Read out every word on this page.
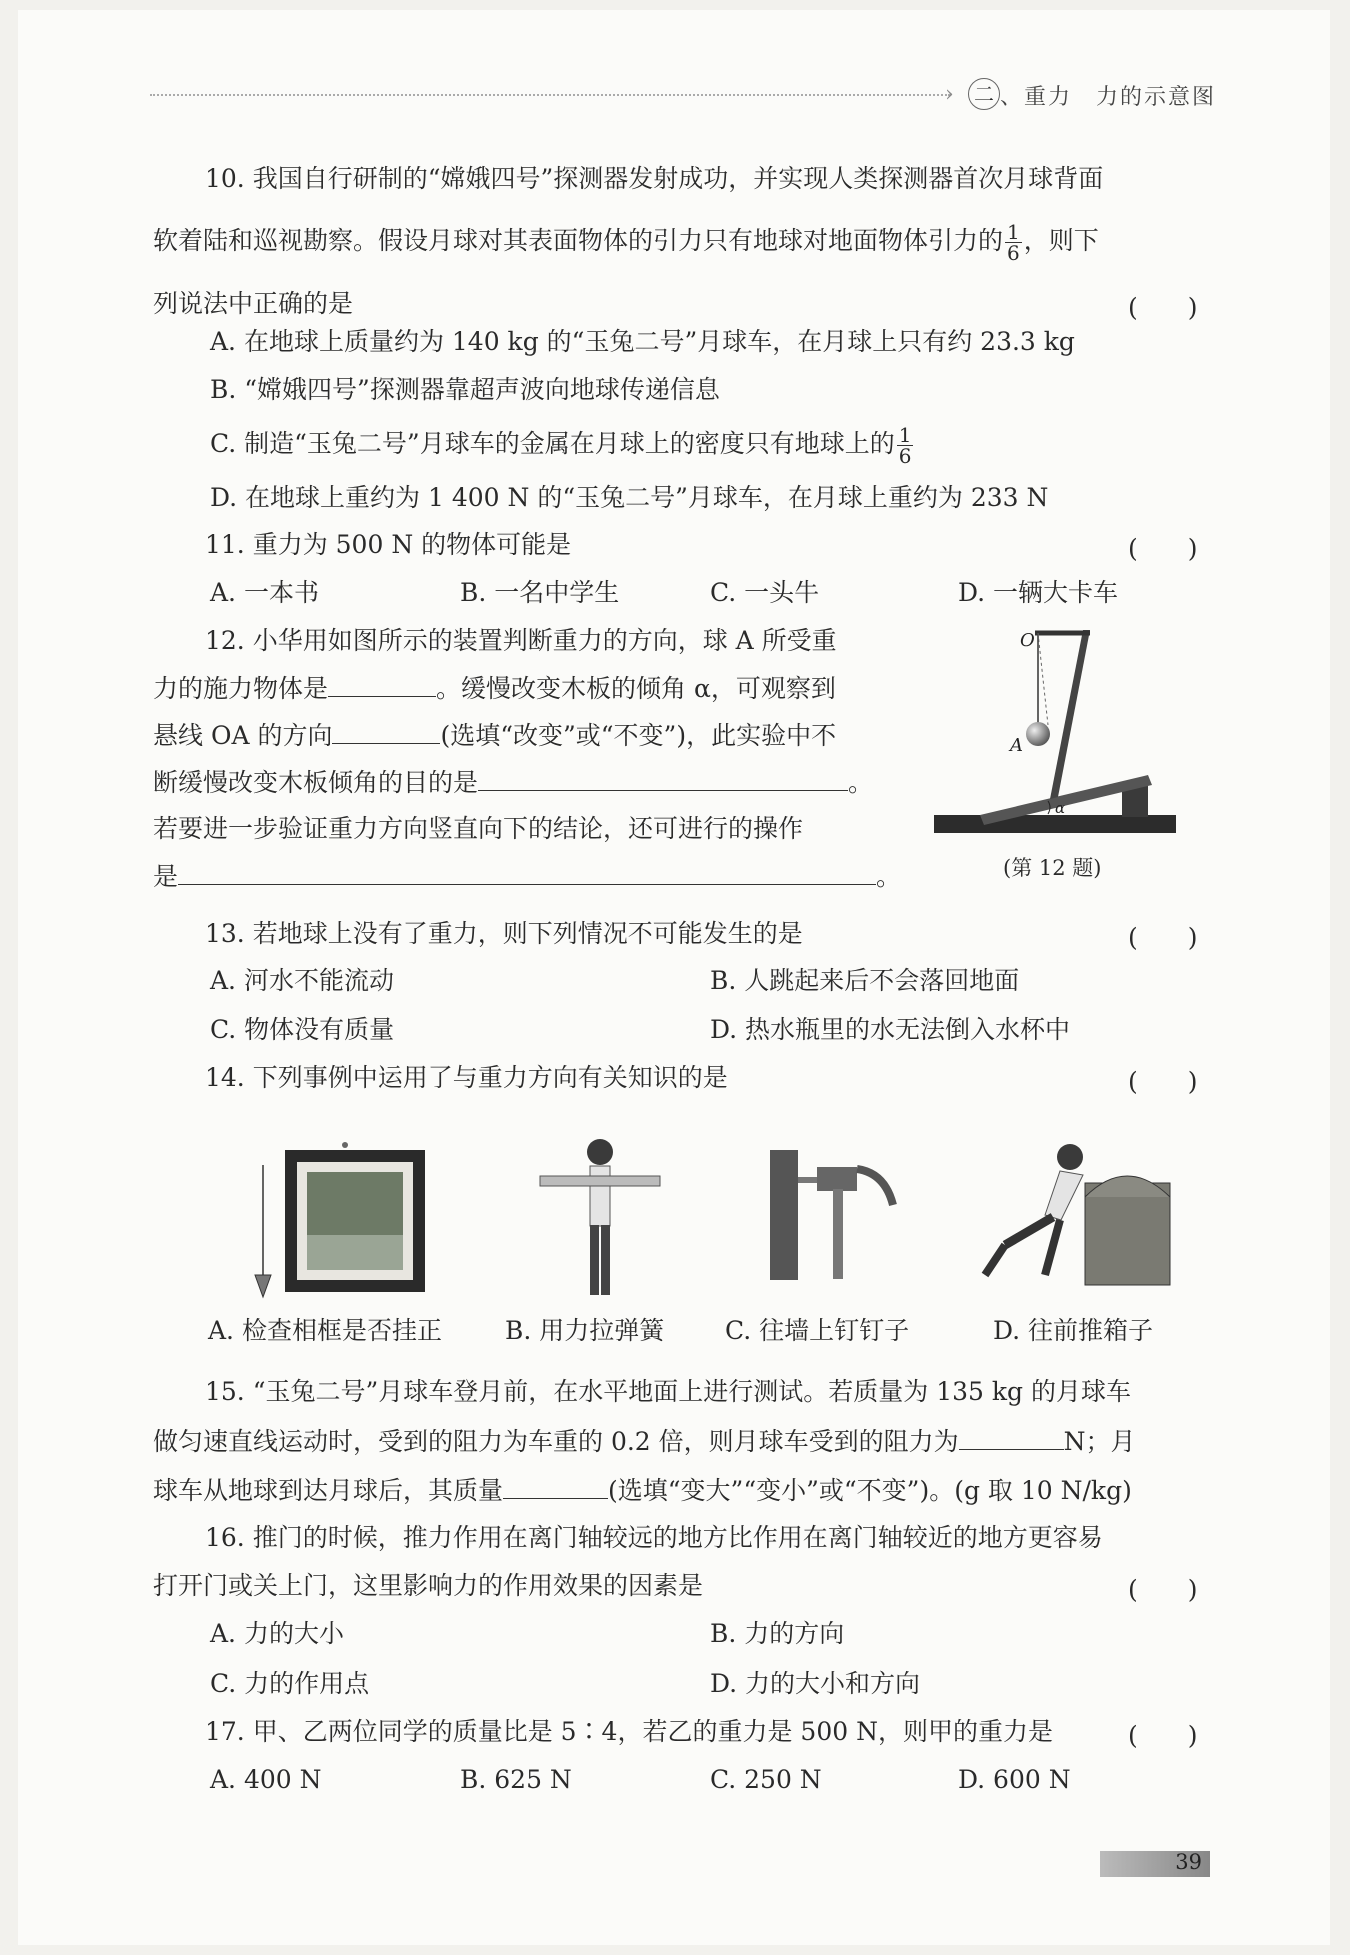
›	二 、重力　力的示意图
10. 我国自行研制的“嫦娥四号”探测器发射成功，并实现人类探测器首次月球背面
软着陆和巡视勘察。假设月球对其表面物体的引力只有地球对地面物体引力的 $\frac{1}{6}$ ，则下
列说法中正确的是	(　　)
A. 在地球上质量约为 140 kg 的“玉兔二号”月球车，在月球上只有约 23.3 kg
B. “嫦娥四号”探测器靠超声波向地球传递信息
C. 制造“玉兔二号”月球车的金属在月球上的密度只有地球上的 $\frac{1}{6}$
D. 在地球上重约为 1 400 N 的“玉兔二号”月球车，在月球上重约为 233 N
11. 重力为 500 N 的物体可能是	(　　)
A. 一本书	B. 一名中学生	C. 一头牛	D. 一辆大卡车
12. 小华用如图所示的装置判断重力的方向，球 A 所受重
力的施力物体是	。缓慢改变木板的倾角 α，可观察到
悬线 OA 的方向	(选填“改变”或“不变”)，此实验中不
断缓慢改变木板倾角的目的是	。
若要进一步验证重力方向竖直向下的结论，还可进行的操作
是	。
O
A
α
(第 12 题)
13. 若地球上没有了重力，则下列情况不可能发生的是	(　　)
A. 河水不能流动	B. 人跳起来后不会落回地面
C. 物体没有质量	D. 热水瓶里的水无法倒入水杯中
14. 下列事例中运用了与重力方向有关知识的是	(　　)
A. 检查相框是否挂正	B. 用力拉弹簧 C. 往墙上钉钉子	D. 往前推箱子
15. “玉兔二号”月球车登月前，在水平地面上进行测试。若质量为 135 kg 的月球车
做匀速直线运动时，受到的阻力为车重的 0.2 倍，则月球车受到的阻力为	N；月
球车从地球到达月球后，其质量	(选填“变大”“变小”或“不变”)。(g 取 10 N/kg)
16. 推门的时候，推力作用在离门轴较远的地方比作用在离门轴较近的地方更容易
打开门或关上门，这里影响力的作用效果的因素是	(　　)
A. 力的大小	B. 力的方向
C. 力的作用点	D. 力的大小和方向
17. 甲、乙两位同学的质量比是 5∶4，若乙的重力是 500 N，则甲的重力是	(　　)
A. 400 N	B. 625 N	C. 250 N	D. 600 N
39
